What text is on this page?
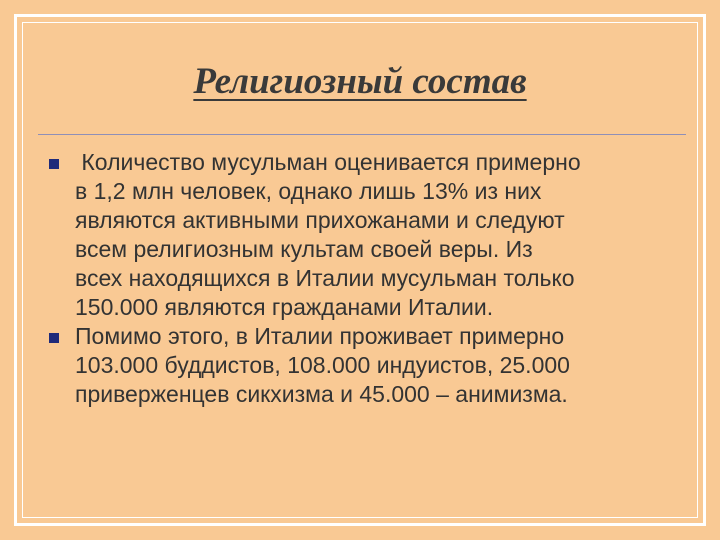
Религиозный состав
Количество мусульман оценивается примерно
в 1,2 млн человек, однако лишь 13% из них
являются активными прихожанами и следуют
всем религиозным культам своей веры. Из
всех находящихся в Италии мусульман только
150.000 являются гражданами Италии.
Помимо этого, в Италии проживает примерно
103.000 буддистов, 108.000 индуистов, 25.000
приверженцев сикхизма и 45.000 – анимизма.
